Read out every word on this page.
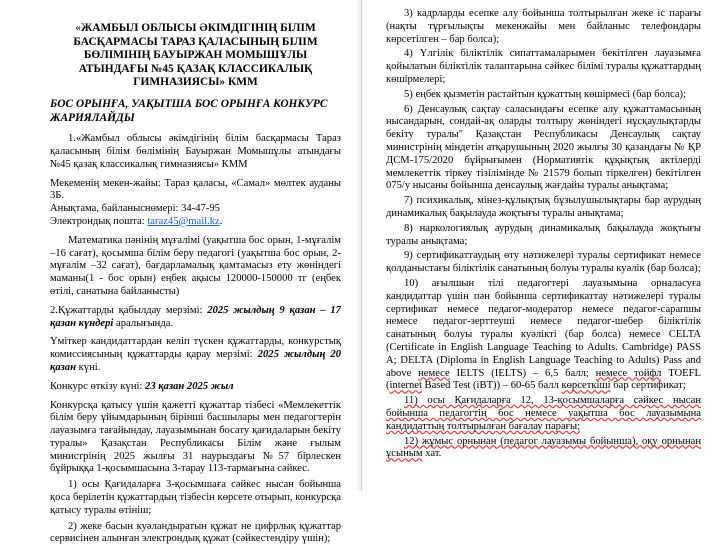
«ЖАМБЫЛ ОБЛЫСЫ ӘКІМДІГІНІҢ БІЛІМ БАСҚАРМАСЫ ТАРАЗ ҚАЛАСЫНЫҢ БІЛІМ БӨЛІМІНІҢ БАУЫРЖАН МОМЫШҰЛЫ АТЫНДАҒЫ №45 ҚАЗАҚ КЛАССИКАЛЫҚ ГИМНАЗИЯСЫ» КММ

БОС ОРЫНҒА, УАҚЫТША БОС ОРЫНҒА КОНКУРС ЖАРИЯЛАЙДЫ

1.«Жамбыл облысы әкімдігінің білім басқармасы Тараз қаласының білім бөлімінің Бауыржан Момышұлы атындағы №45 қазақ классикалық гимназиясы» КММ

Мекеменің мекен-жайы: Тараз қаласы, «Самал» мөлтек ауданы 3Б.

Анықтама, байланыснөмері: 34-47-95

Электрондық пошта: taraz45@mail.kz.

Математика пәнінің мұғалімі (уақытша бос орын, 1-мұғалім –16 сағат), қосымша білім беру педагогі (уақытша бос орын, 2-мұғалім –32 сағат), бағдарламалық қамтамасыз ету жөніндегі маманы(1 - бос орын) еңбек ақысы 120000-150000 тг (еңбек өтілі, санатына байланысты)

2.Құжаттарды қабылдау мерзімі: 2025 жылдың 9 қазан – 17 қазан күндері аралығында.

Үміткер кандидаттардан келіп түскен құжаттарды, конкурстық комиссиясының құжаттарды қарау мерзімі: 2025 жылдың 20 қазан күні.

Конкурс өткізу күні: 23 қазан 2025 жыл

Конкурсқа қатысу үшін қажетті құжаттар тізбесі «Мемлекеттік білім беру ұйымдарының бірінші басшылары мен педагогтерін лауазымға тағайындау, лауазымынан босату қағидаларын бекіту туралы» Қазақстан Республикасы Білім және ғылым министрінің 2025 жылғы 31 наурыздағы №57 бірлескен бұйрыққа 1-қосымшасына 3-тарау 113-тармағына сәйкес.

1) осы Қағидаларға 3-қосымшаға сәйкес нысан бойынша қоса берілетін құжаттардың тізбесін көрсете отырып, конкурсқа қатысу туралы өтініш;

2) жеке басын куәландыратын құжат не цифрлық құжаттар сервисінен алынған электрондық құжат (сәйкестендіру үшін);

3) кадрларды есепке алу бойынша толтырылған жеке іс парағы (нақты тұрғылықты мекенжайы мен байланыс телефондары көрсетілген – бар болса);

4) Үлгілік біліктілік сипаттамаларымен бекітілген лауазымға қойылатын біліктілік талаптарына сәйкес білімі туралы құжаттардың көшірмелері;

5) еңбек қызметін растайтын құжаттың көшірмесі (бар болса);

6) Денсаулық сақтау саласындағы есепке алу құжаттамасының нысандарын, сондай-ақ оларды толтыру жөніндегі нұсқаулықтарды бекіту туралы" Қазақстан Республикасы Денсаулық сақтау министрінің міндетін атқарушының 2020 жылғы 30 қазандағы № ҚР ДСМ-175/2020 бұйрығымен (Нормативтік құқықтық актілерді мемлекеттік тіркеу тізілімінде № 21579 болып тіркелген) бекітілген 075/у нысаны бойынша денсаулық жағдайы туралы анықтама;

7) психикалық, мінез-құлықтық бұзылушылықтары бар аурудың динамикалық бақылауда жоқтығы туралы анықтама;

8) наркологиялық аурудың динамикалық бақылауда жоқтығы туралы анықтама;

9) сертификаттаудың өту нәтижелері туралы сертификат немесе қолданыстағы біліктілік санатының болуы туралы куәлік (бар болса);

10) ағылшын тілі педагогтері лауазымына орналасуға кандидаттар үшін пән бойынша сертификаттау нәтижелері туралы сертификат немесе педагог-модератор немесе педагог-сарапшы немесе педагог-зерттеуші немесе педагог-шебер біліктілік санатының болуы туралы куәлікті (бар болса) немесе CELTA (Certificate in English Language Teaching to Adults. Cambridge) PASS A; DELTA (Diploma in English Language Teaching to Adults) Pass and above немесе IELTS (IELTS) – 6,5 балл; немесе тойфл TOEFL (internet Based Test (iBT)) – 60-65 балл көрсеткіші бар сертификат;

11) осы Қағидаларға 12, 13-қосымшаларға сәйкес нысан бойынша педагогтің бос немесе уақытша бос лауазымына кандидаттың толтырылған бағалау парағы;

12) жұмыс орнынан (педагог лауазымы бойынша), оқу орнынан ұсыным хат.
